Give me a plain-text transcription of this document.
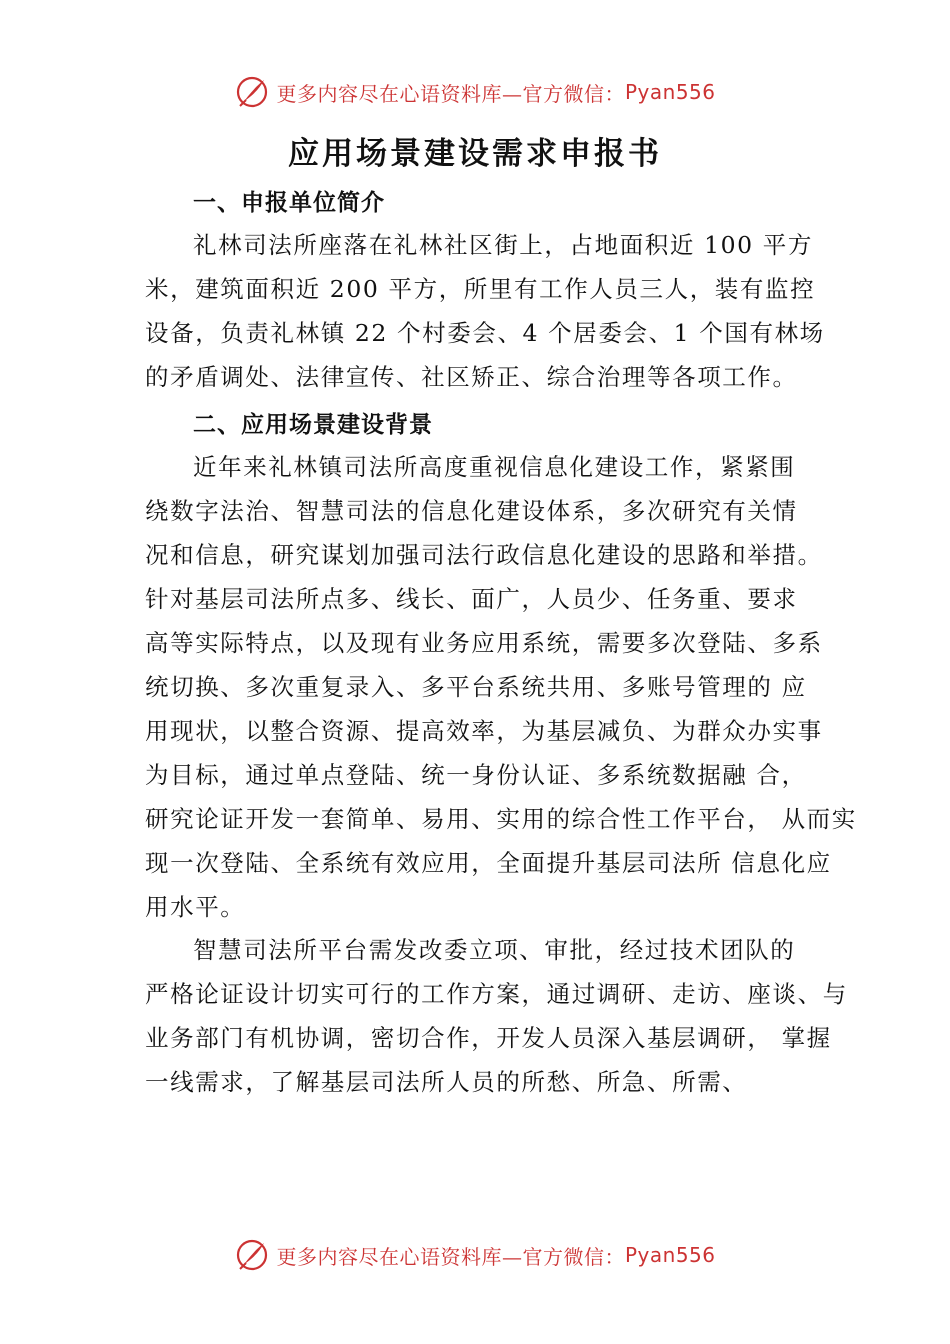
更多内容尽在心语资料库—官方微信： Pyan556
应用场景建设需求申报书
一、申报单位简介
礼林司法所座落在礼林社区街上，占地面积近 100 平方
米，建筑面积近 200 平方，所里有工作人员三人，装有监控
设备，负责礼林镇 22 个村委会、4 个居委会、1 个国有林场
的矛盾调处、法律宣传、社区矫正、综合治理等各项工作。
二、应用场景建设背景
近年来礼林镇司法所高度重视信息化建设工作，紧紧围
绕数字法治、智慧司法的信息化建设体系，多次研究有关情
况和信息，研究谋划加强司法行政信息化建设的思路和举措。
针对基层司法所点多、线长、面广，人员少、任务重、要求
高等实际特点，以及现有业务应用系统，需要多次登陆、多系
统切换、多次重复录入、多平台系统共用、多账号管理的 应
用现状，以整合资源、提高效率，为基层减负、为群众办实事
为目标，通过单点登陆、统一身份认证、多系统数据融 合，
研究论证开发一套简单、易用、实用的综合性工作平台， 从而实
现一次登陆、全系统有效应用，全面提升基层司法所 信息化应
用水平。
智慧司法所平台需发改委立项、审批，经过技术团队的
严格论证设计切实可行的工作方案，通过调研、走访、座谈、与
业务部门有机协调，密切合作，开发人员深入基层调研， 掌握
一线需求，了解基层司法所人员的所愁、所急、所需、
更多内容尽在心语资料库—官方微信： Pyan556
